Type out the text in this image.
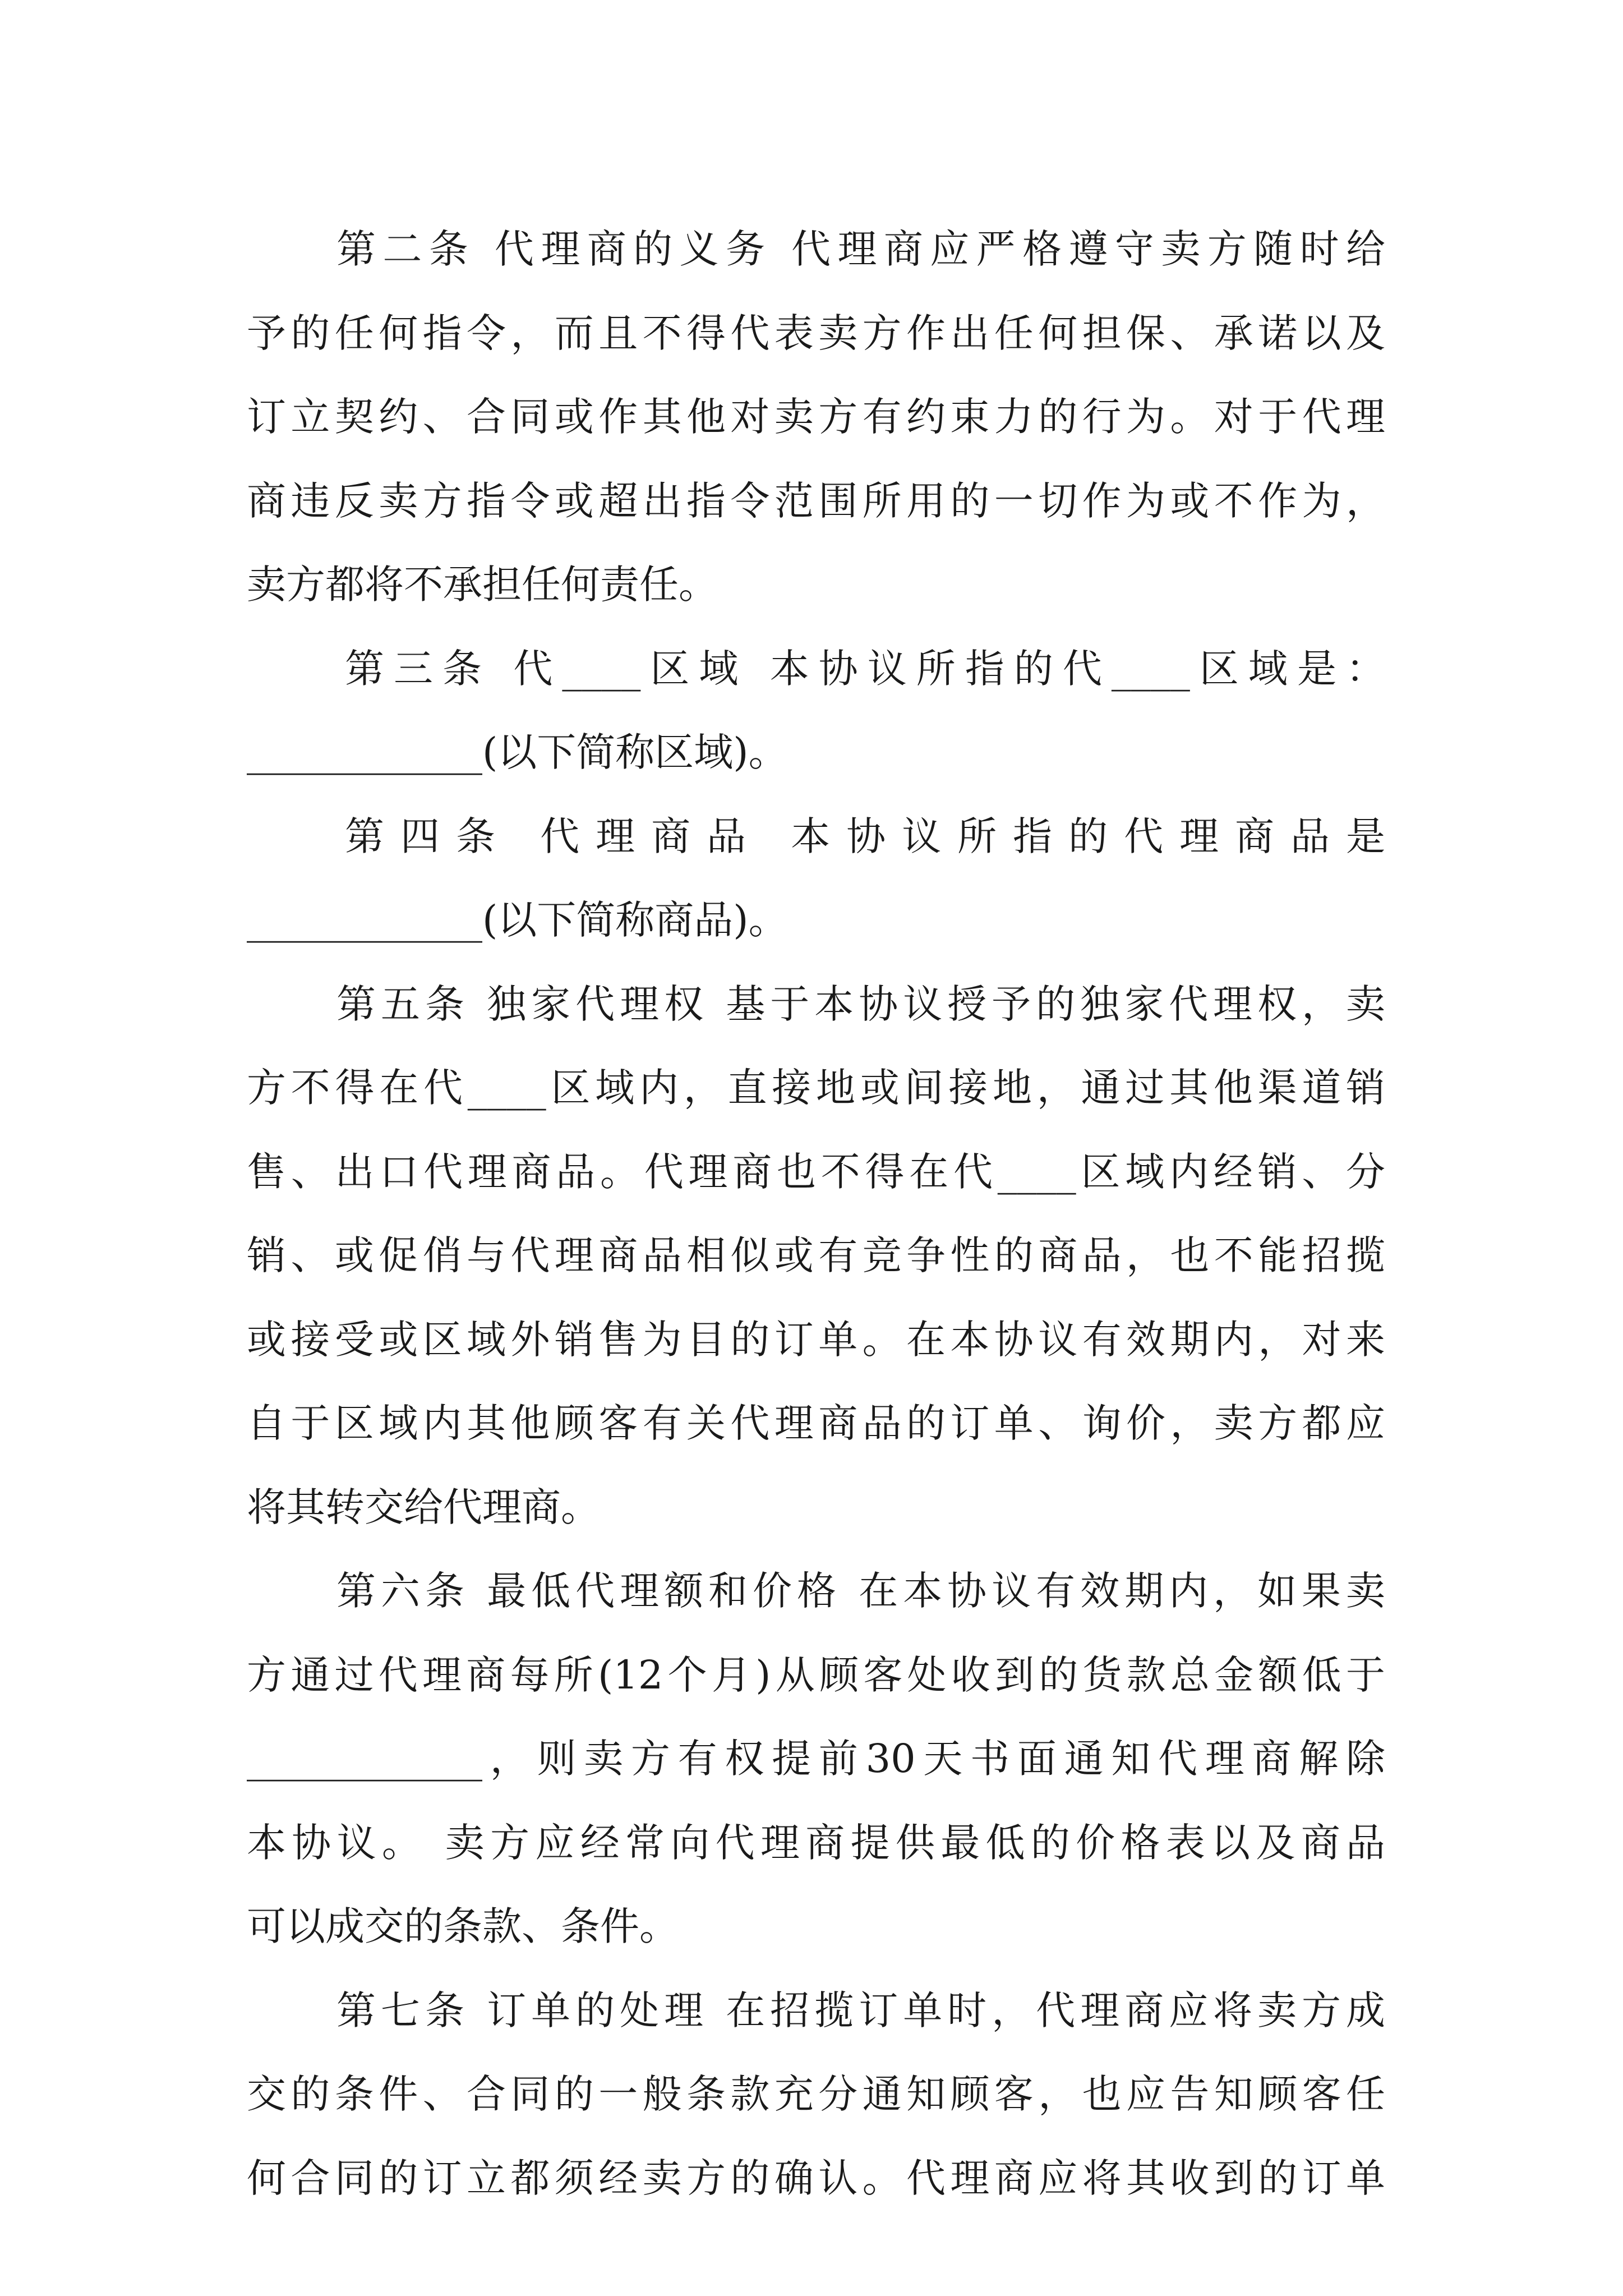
第二条 代理商的义务 代理商应严格遵守卖方随时给
予的任何指令，而且不得代表卖方作出任何担保、承诺以及
订立契约、合同或作其他对卖方有约束力的行为。对于代理
商违反卖方指令或超出指令范围所用的一切作为或不作为，
卖方都将不承担任何责任。
第三条 代____区域 本协议所指的代____区域是：
____________(以下简称区域)。
第四条 代理商品 本协议所指的代理商品是
____________(以下简称商品)。
第五条 独家代理权 基于本协议授予的独家代理权，卖
方不得在代____区域内，直接地或间接地，通过其他渠道销
售、出口代理商品。代理商也不得在代____区域内经销、分
销、或促俏与代理商品相似或有竞争性的商品，也不能招揽
或接受或区域外销售为目的订单。在本协议有效期内，对来
自于区域内其他顾客有关代理商品的订单、询价，卖方都应
将其转交给代理商。
第六条 最低代理额和价格 在本协议有效期内，如果卖
方通过代理商每所(12个月)从顾客处收到的货款总金额低于
____________，则卖方有权提前30天书面通知代理商解除
本协议。 卖方应经常向代理商提供最低的价格表以及商品
可以成交的条款、条件。
第七条 订单的处理 在招揽订单时，代理商应将卖方成
交的条件、合同的一般条款充分通知顾客，也应告知顾客任
何合同的订立都须经卖方的确认。代理商应将其收到的订单
